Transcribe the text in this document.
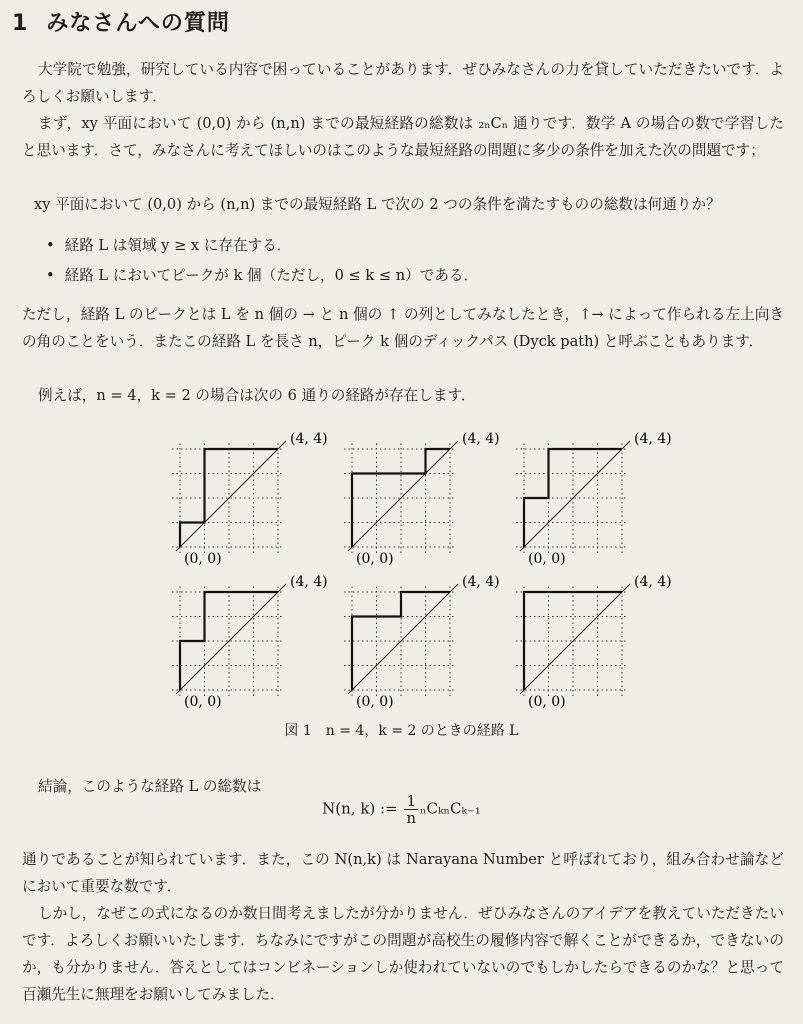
1 みなさんへの質問

大学院で勉強，研究している内容で困っていることがあります．ぜひみなさんの力を貸していただきたいです．よろしくお願いします．

まず，xy 平面において (0,0) から (n,n) までの最短経路の総数は ₂ₙCₙ 通りです．数学 A の場合の数で学習したと思います．さて，みなさんに考えてほしいのはこのような最短経路の問題に多少の条件を加えた次の問題です；

xy 平面において (0,0) から (n,n) までの最短経路 L で次の 2 つの条件を満たすものの総数は何通りか？

• 経路 L は領域 y ≥ x に存在する．
• 経路 L においてピークが k 個（ただし，0 ≤ k ≤ n）である．

ただし，経路 L のピークとは L を n 個の → と n 個の ↑ の列としてみなしたとき，↑→ によって作られる左上向きの角のことをいう．またこの経路 L を長さ n，ピーク k 個のディックパス (Dyck path) と呼ぶこともあります．

例えば，n = 4，k = 2 の場合は次の 6 通りの経路が存在します．

(4, 4)
(0, 0)
(4, 4)
(0, 0)
(4, 4)
(0, 0)
(4, 4)
(0, 0)
(4, 4)
(0, 0)
(4, 4)
(0, 0)
図 1　n = 4，k = 2 のときの経路 L

結論，このような経路 L の総数は

N(n, k) := $\frac{1}{n} _nC_{kn}C_{k-1}$

通りであることが知られています．また，この N(n,k) は Narayana Number と呼ばれており，組み合わせ論などにおいて重要な数です．

しかし，なぜこの式になるのか数日間考えましたが分かりません．ぜひみなさんのアイデアを教えていただきたいです．よろしくお願いいたします．ちなみにですがこの問題が高校生の履修内容で解くことができるか，できないのか，も分かりません．答えとしてはコンビネーションしか使われていないのでもしかしたらできるのかな？と思って百瀬先生に無理をお願いしてみました．
